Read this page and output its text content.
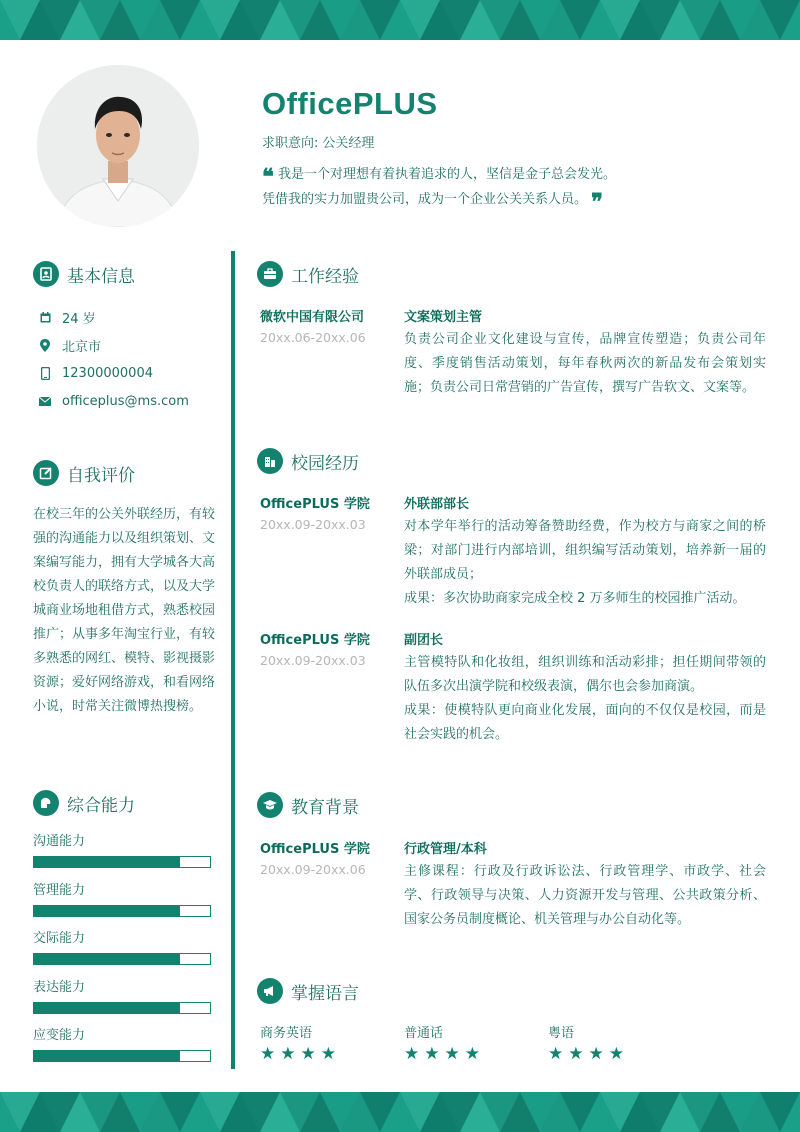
OfficePLUS
求职意向: 公关经理
❝ 我是一个对理想有着执着追求的人，坚信是金子总会发光。
凭借我的实力加盟贵公司，成为一个企业公关关系人员。 ❞
基本信息
24 岁
北京市
12300000004
officeplus@ms.com
自我评价
在校三年的公关外联经历，有较强的沟通能力以及组织策划、文案编写能力，拥有大学城各大高校负责人的联络方式，以及大学城商业场地租借方式，熟悉校园推广；从事多年淘宝行业，有较多熟悉的网红、模特、影视摄影资源；爱好网络游戏，和看网络小说，时常关注微博热搜榜。
综合能力
沟通能力
管理能力
交际能力
表达能力
应变能力
工作经验
微软中国有限公司
20xx.06-20xx.06
文案策划主管
负责公司企业文化建设与宣传，品牌宣传塑造；负责公司年度、季度销售活动策划，每年春秋两次的新品发布会策划实施；负责公司日常营销的广告宣传，撰写广告软文、文案等。
校园经历
OfficePLUS 学院
20xx.09-20xx.03
外联部部长
对本学年举行的活动筹备赞助经费，作为校方与商家之间的桥梁；对部门进行内部培训，组织编写活动策划，培养新一届的外联部成员；
成果：多次协助商家完成全校 2 万多师生的校园推广活动。
OfficePLUS 学院
20xx.09-20xx.03
副团长
主管模特队和化妆组，组织训练和活动彩排；担任期间带领的队伍多次出演学院和校级表演，偶尔也会参加商演。
成果：使模特队更向商业化发展，面向的不仅仅是校园，而是社会实践的机会。
教育背景
OfficePLUS 学院
20xx.09-20xx.06
行政管理/本科
主修课程：行政及行政诉讼法、行政管理学、市政学、社会学、行政领导与决策、人力资源开发与管理、公共政策分析、国家公务员制度概论、机关管理与办公自动化等。
掌握语言
商务英语
★★★★
普通话
★★★★
粤语
★★★★
